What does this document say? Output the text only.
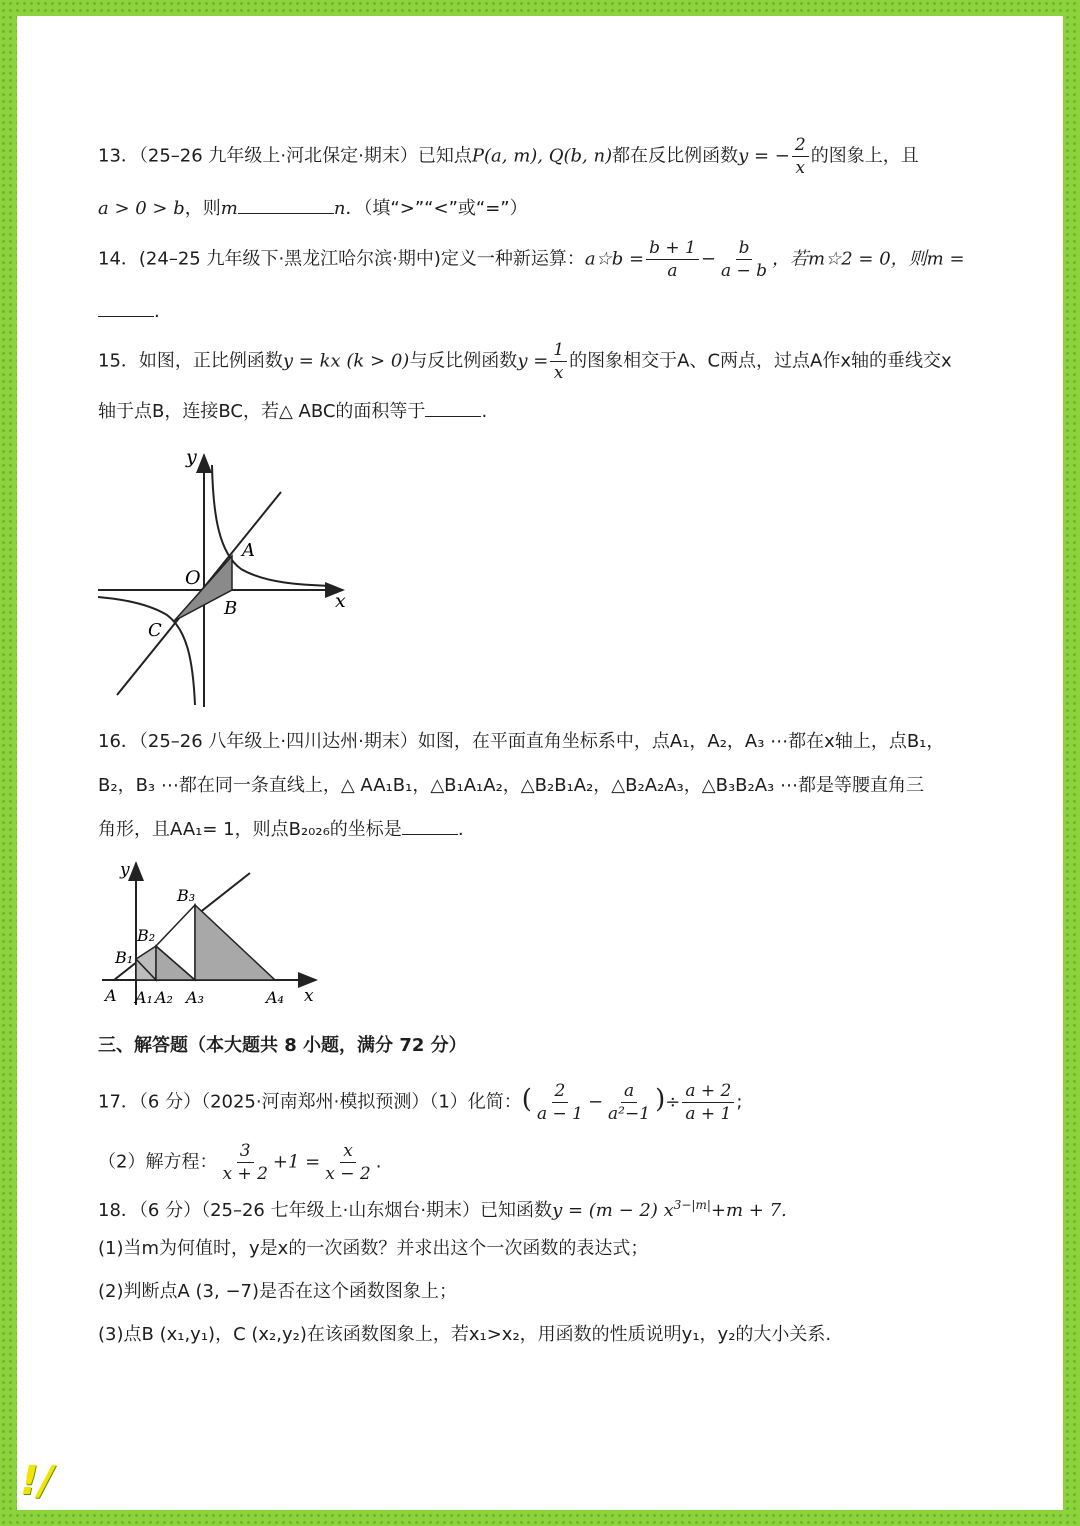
13．（25–26 九年级上·河北保定·期末）已知点P(a, m), Q(b, n)都在反比例函数y = − $\frac{2}{x}$ 的图象上，且
a > 0 > b，则m	n．（填“>”“<”或“=”）
14．(24–25 九年级下·黑龙江哈尔滨·期中)定义一种新运算：a☆b = $\frac{b + 1}{a} - \frac{b}{a - b}$ ，若m☆2 = 0，则m =
.
15．如图，正比例函数y = kx (k > 0)与反比例函数$y = \frac{1}{x}$ 的图象相交于A、C两点，过点A作x轴的垂线交x
轴于点B，连接BC，若△ ABC的面积等于	.
y
x
O
A
B
C
16．（25–26 八年级上·四川达州·期末）如图，在平面直角坐标系中，点A₁，A₂，A₃ ⋯都在x轴上，点B₁，
B₂，B₃ ⋯都在同一条直线上，△ AA₁B₁，△B₁A₁A₂，△B₂B₁A₂，△B₂A₂A₃，△B₃B₂A₃ ⋯都是等腰直角三
角形，且AA₁= 1，则点B₂₀₂₆的坐标是	.
y
x
A A₁ A₂ A₃	A₄
B₁
B₂
B₃
三、解答题（本大题共 8 小题，满分 72 分）
17．（6 分）（2025·河南郑州·模拟预测）（1）化简：( $\frac{2}{a - 1} - \frac{a}{\text{a²−1}}$ )÷ $\frac{a + 2}{a + 1}$ ;
（2）解方程： $\frac{3}{x + 2} +1 = \frac{x}{x - 2}$ .
18．（6 分）（25–26 七年级上·山东烟台·期末）已知函数y = (m − 2) $x^{3-|m|}+m + 7$.
(1)当m为何值时，y是x的一次函数？并求出这个一次函数的表达式；
(2)判断点A (3, −7)是否在这个函数图象上；
(3)点B (x₁,y₁)，C (x₂,y₂)在该函数图象上，若x₁>x₂，用函数的性质说明y₁，y₂的大小关系.
!/
